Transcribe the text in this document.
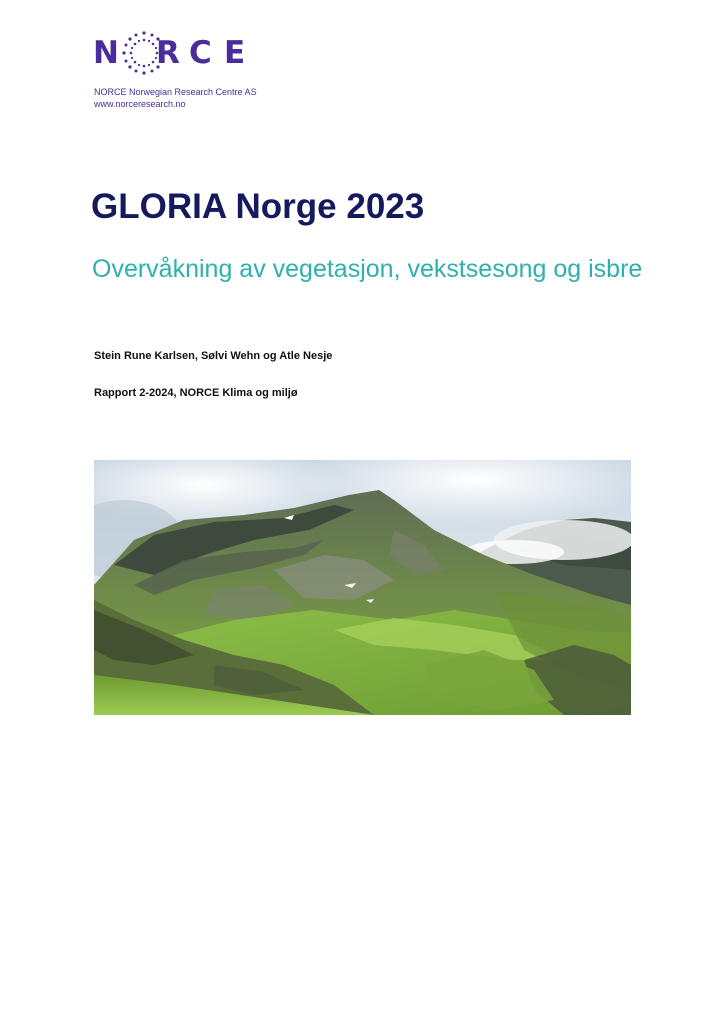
N R C E
NORCE Norwegian Research Centre AS
www.norceresearch.no
GLORIA Norge 2023
Overvåkning av vegetasjon, vekstsesong og isbre
Stein Rune Karlsen, Sølvi Wehn og Atle Nesje
Rapport 2-2024, NORCE Klima og miljø
